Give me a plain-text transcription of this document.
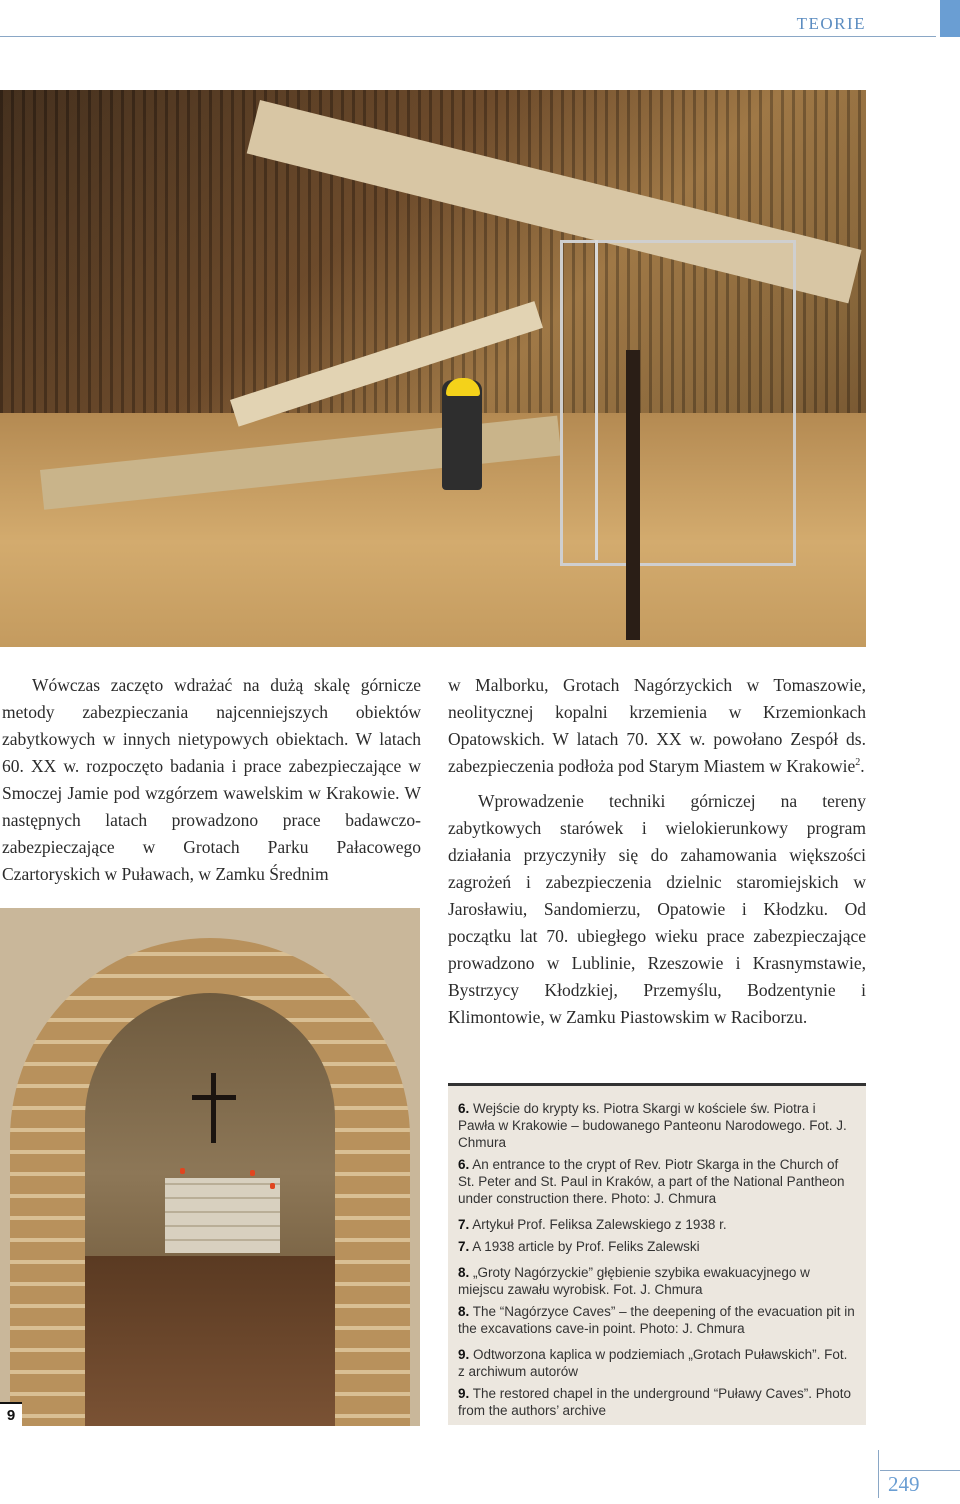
TEORIE

Wówczas zaczęto wdrażać na dużą skalę górnicze metody zabezpieczania najcenniejszych obiektów zabytkowych w innych nietypowych obiektach. W latach 60. XX w. rozpoczęto badania i prace zabezpieczające w Smoczej Jamie pod wzgórzem wawelskim w Krakowie. W następnych latach prowadzono prace badawczo-zabezpieczające w Grotach Parku Pałacowego Czartoryskich w Puławach, w Zamku Średnim

w Malborku, Grotach Nagórzyckich w Tomaszowie, neolitycznej kopalni krzemienia w Krzemionkach Opatowskich. W latach 70. XX w. powołano Zespół ds. zabezpieczenia podłoża pod Starym Miastem w Krakowie$^2$.

Wprowadzenie techniki górniczej na tereny zabytkowych starówek i wielokierunkowy program działania przyczyniły się do zahamowania większości zagrożeń i zabezpieczenia dzielnic staromiejskich w Jarosławiu, Sandomierzu, Opatowie i Kłodzku. Od początku lat 70. ubiegłego wieku prace zabezpieczające prowadzono w Lublinie, Rzeszowie i Krasnymstawie, Bystrzycy Kłodzkiej, Przemyślu, Bodzentynie i Klimontowie, w Zamku Piastowskim w Raciborzu.

9

6. Wejście do krypty ks. Piotra Skargi w kościele św. Piotra i Pawła w Krakowie – budowanego Panteonu Narodowego. Fot. J. Chmura

6. An entrance to the crypt of Rev. Piotr Skarga in the Church of St. Peter and St. Paul in Kraków, a part of the National Pantheon under construction there. Photo: J. Chmura

7. Artykuł Prof. Feliksa Zalewskiego z 1938 r.

7. A 1938 article by Prof. Feliks Zalewski

8. „Groty Nagórzyckie” głębienie szybika ewakuacyjnego w miejscu zawału wyrobisk. Fot. J. Chmura

8. The “Nagórzyce Caves” – the deepening of the evacuation pit in the excavations cave-in point. Photo: J. Chmura

9. Odtworzona kaplica w podziemiach „Grotach Puławskich”. Fot. z archiwum autorów

9. The restored chapel in the underground “Puławy Caves”. Photo from the authors’ archive

249
